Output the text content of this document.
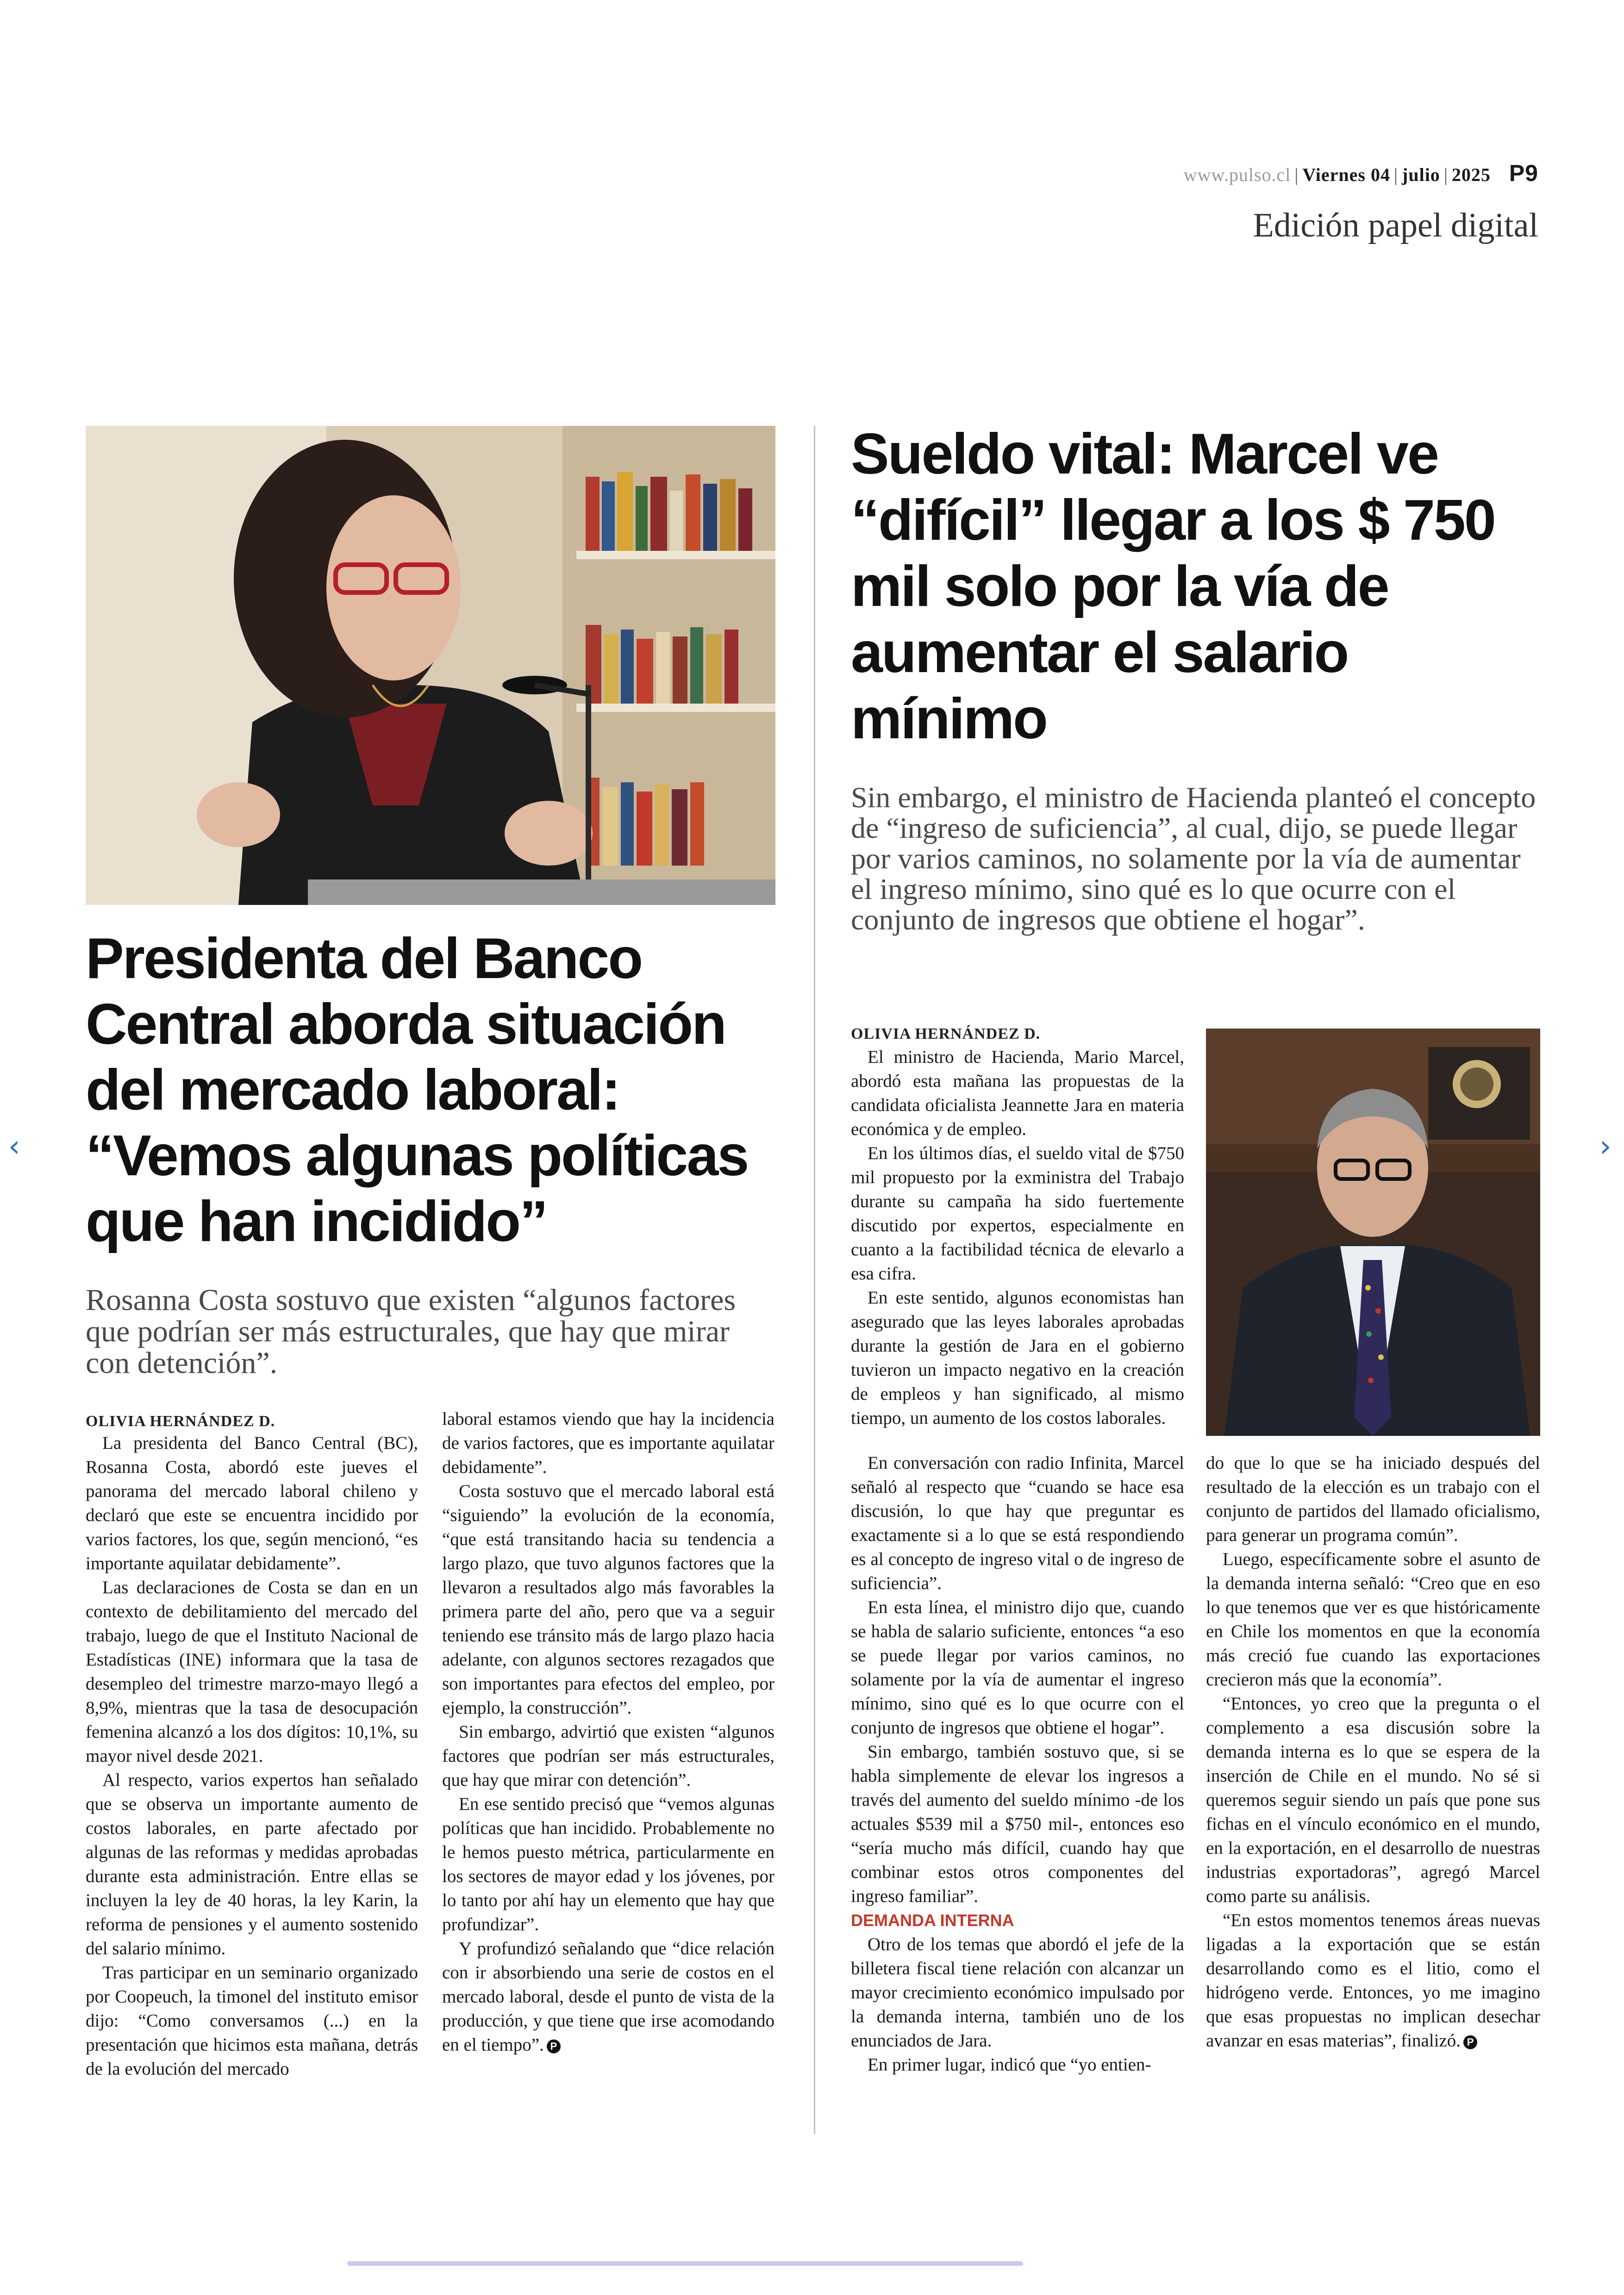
www.pulso.cl | Viernes 04 | julio | 2025 P9
Edición papel digital
Presidenta del Banco Central aborda situación del mercado laboral: “Vemos algunas políticas que han incidido”
Rosanna Costa sostuvo que existen “algunos factores que podrían ser más estructurales, que hay que mirar con detención”.
OLIVIA HERNÁNDEZ D.

La presidenta del Banco Central (BC), Rosanna Costa, abordó este jueves el panorama del mercado laboral chileno y declaró que este se encuentra incidido por varios factores, los que, según mencionó, “es importante aquilatar debidamente”.

Las declaraciones de Costa se dan en un contexto de debilitamiento del mercado del trabajo, luego de que el Instituto Nacional de Estadísticas (INE) informara que la tasa de desempleo del trimestre marzo-mayo llegó a 8,9%, mientras que la tasa de desocupación femenina alcanzó a los dos dígitos: 10,1%, su mayor nivel desde 2021.

Al respecto, varios expertos han señalado que se observa un importante aumento de costos laborales, en parte afectado por algunas de las reformas y medidas aprobadas durante esta administración. Entre ellas se incluyen la ley de 40 horas, la ley Karin, la reforma de pensiones y el aumento sostenido del salario mínimo.

Tras participar en un seminario organizado por Coopeuch, la timonel del instituto emisor dijo: “Como conversamos (...) en la presentación que hicimos esta mañana, detrás de la evolución del mercado

laboral estamos viendo que hay la incidencia de varios factores, que es importante aquilatar debidamente”.

Costa sostuvo que el mercado laboral está “siguiendo” la evolución de la economía, “que está transitando hacia su tendencia a largo plazo, que tuvo algunos factores que la llevaron a resultados algo más favorables la primera parte del año, pero que va a seguir teniendo ese tránsito más de largo plazo hacia adelante, con algunos sectores rezagados que son importantes para efectos del empleo, por ejemplo, la construcción”.

Sin embargo, advirtió que existen “algunos factores que podrían ser más estructurales, que hay que mirar con detención”.

En ese sentido precisó que “vemos algunas políticas que han incidido. Probablemente no le hemos puesto métrica, particularmente en los sectores de mayor edad y los jóvenes, por lo tanto por ahí hay un elemento que hay que profundizar”.

Y profundizó señalando que “dice relación con ir absorbiendo una serie de costos en el mercado laboral, desde el punto de vista de la producción, y que tiene que irse acomodando en el tiempo”. P

Sueldo vital: Marcel ve “difícil” llegar a los $ 750 mil solo por la vía de aumentar el salario mínimo
Sin embargo, el ministro de Hacienda planteó el concepto de “ingreso de suficiencia”, al cual, dijo, se puede llegar por varios caminos, no solamente por la vía de aumentar el ingreso mínimo, sino qué es lo que ocurre con el conjunto de ingresos que obtiene el hogar”.
OLIVIA HERNÁNDEZ D.

El ministro de Hacienda, Mario Marcel, abordó esta mañana las propuestas de la candidata oficialista Jeannette Jara en materia económica y de empleo.

En los últimos días, el sueldo vital de $750 mil propuesto por la exministra del Trabajo durante su campaña ha sido fuertemente discutido por expertos, especialmente en cuanto a la factibilidad técnica de elevarlo a esa cifra.

En este sentido, algunos economistas han asegurado que las leyes laborales aprobadas durante la gestión de Jara en el gobierno tuvieron un impacto negativo en la creación de empleos y han significado, al mismo tiempo, un aumento de los costos laborales.

En conversación con radio Infinita, Marcel señaló al respecto que “cuando se hace esa discusión, lo que hay que preguntar es exactamente si a lo que se está respondiendo es al concepto de ingreso vital o de ingreso de suficiencia”.

En esta línea, el ministro dijo que, cuando se habla de salario suficiente, entonces “a eso se puede llegar por varios caminos, no solamente por la vía de aumentar el ingreso mínimo, sino qué es lo que ocurre con el conjunto de ingresos que obtiene el hogar”.

Sin embargo, también sostuvo que, si se habla simplemente de elevar los ingresos a través del aumento del sueldo mínimo -de los actuales $539 mil a $750 mil-, entonces eso “sería mucho más difícil, cuando hay que combinar estos otros componentes del ingreso familiar”.

DEMANDA INTERNA

Otro de los temas que abordó el jefe de la billetera fiscal tiene relación con alcanzar un mayor crecimiento económico impulsado por la demanda interna, también uno de los enunciados de Jara.

En primer lugar, indicó que “yo entien-

do que lo que se ha iniciado después del resultado de la elección es un trabajo con el conjunto de partidos del llamado oficialismo, para generar un programa común”.

Luego, específicamente sobre el asunto de la demanda interna señaló: “Creo que en eso lo que tenemos que ver es que históricamente en Chile los momentos en que la economía más creció fue cuando las exportaciones crecieron más que la economía”.

“Entonces, yo creo que la pregunta o el complemento a esa discusión sobre la demanda interna es lo que se espera de la inserción de Chile en el mundo. No sé si queremos seguir siendo un país que pone sus fichas en el vínculo económico en el mundo, en la exportación, en el desarrollo de nuestras industrias exportadoras”, agregó Marcel como parte su análisis.

“En estos momentos tenemos áreas nuevas ligadas a la exportación que se están desarrollando como es el litio, como el hidrógeno verde. Entonces, yo me imagino que esas propuestas no implican desechar avanzar en esas materias”, finalizó. P

‹	›
